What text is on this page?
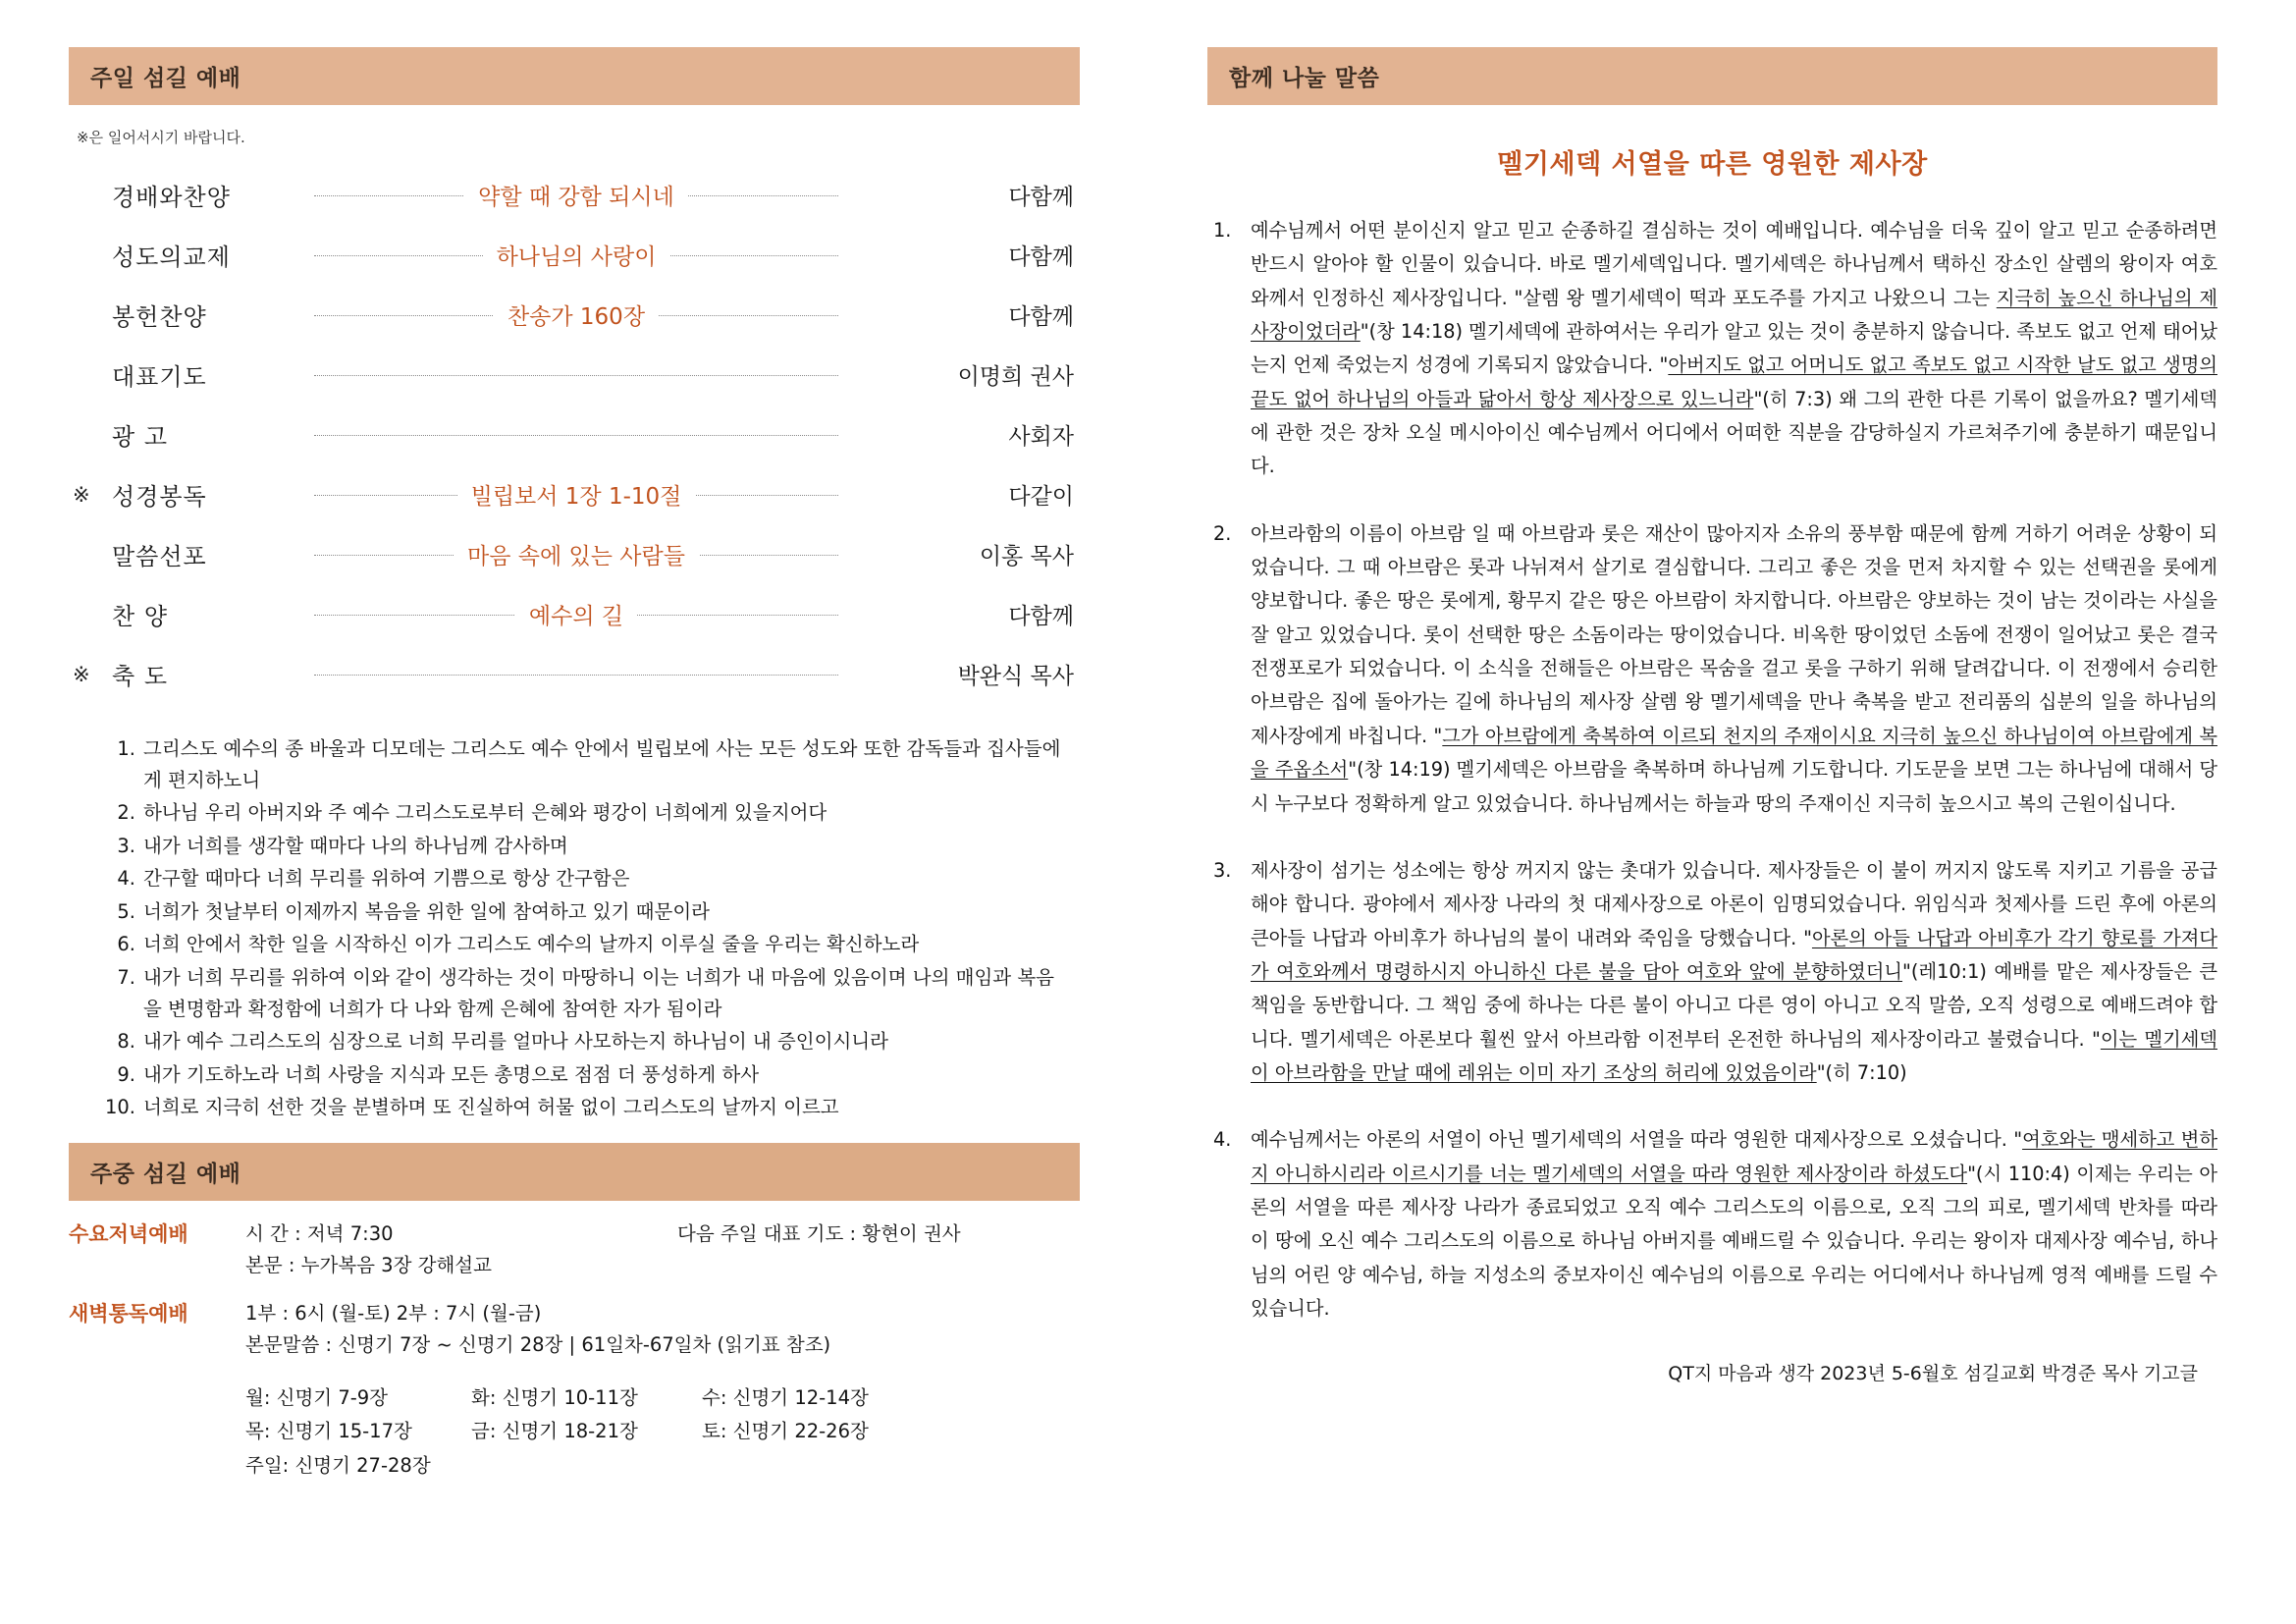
주일 섬길 예배
※은 일어서시기 바랍니다.
	경배와찬양	약할 때 강함 되시네	다함께
	성도의교제	하나님의 사랑이	다함께
	봉헌찬양	찬송가 160장	다함께
	대표기도		이명희 권사
	광 고		사회자
※	성경봉독	빌립보서 1장 1-10절	다같이
	말씀선포	마음 속에 있는 사람들	이홍 목사
	찬 양	예수의 길	다함께
※	축 도		박완식 목사
그리스도 예수의 종 바울과 디모데는 그리스도 예수 안에서 빌립보에 사는 모든 성도와 또한 감독들과 집사들에게 편지하노니
하나님 우리 아버지와 주 예수 그리스도로부터 은혜와 평강이 너희에게 있을지어다
내가 너희를 생각할 때마다 나의 하나님께 감사하며
간구할 때마다 너희 무리를 위하여 기쁨으로 항상 간구함은
너희가 첫날부터 이제까지 복음을 위한 일에 참여하고 있기 때문이라
너희 안에서 착한 일을 시작하신 이가 그리스도 예수의 날까지 이루실 줄을 우리는 확신하노라
내가 너희 무리를 위하여 이와 같이 생각하는 것이 마땅하니 이는 너희가 내 마음에 있음이며 나의 매임과 복음을 변명함과 확정함에 너희가 다 나와 함께 은혜에 참여한 자가 됨이라
내가 예수 그리스도의 심장으로 너희 무리를 얼마나 사모하는지 하나님이 내 증인이시니라
내가 기도하노라 너희 사랑을 지식과 모든 총명으로 점점 더 풍성하게 하사
너희로 지극히 선한 것을 분별하며 또 진실하여 허물 없이 그리스도의 날까지 이르고
주중 섬길 예배
수요저녁예배	시 간 : 저녁 7:30	다음 주일 대표 기도 : 황현이 권사
본문 : 누가복음 3장 강해설교
새벽통독예배	1부 : 6시 (월-토) 2부 : 7시 (월-금)
본문말씀 : 신명기 7장 ~ 신명기 28장 | 61일차-67일차 (읽기표 참조)
월: 신명기 7-9장	화: 신명기 10-11장	수: 신명기 12-14장
목: 신명기 15-17장	금: 신명기 18-21장	토: 신명기 22-26장
주일: 신명기 27-28장
함께 나눌 말씀
멜기세덱 서열을 따른 영원한 제사장
예수님께서 어떤 분이신지 알고 믿고 순종하길 결심하는 것이 예배입니다. 예수님을 더욱 깊이 알고 믿고 순종하려면 반드시 알아야 할 인물이 있습니다. 바로 멜기세덱입니다. 멜기세덱은 하나님께서 택하신 장소인 살렘의 왕이자 여호와께서 인정하신 제사장입니다. "살렘 왕 멜기세덱이 떡과 포도주를 가지고 나왔으니 그는 지극히 높으신 하나님의 제사장이었더라"(창 14:18) 멜기세덱에 관하여서는 우리가 알고 있는 것이 충분하지 않습니다. 족보도 없고 언제 태어났는지 언제 죽었는지 성경에 기록되지 않았습니다. "아버지도 없고 어머니도 없고 족보도 없고 시작한 날도 없고 생명의 끝도 없어 하나님의 아들과 닮아서 항상 제사장으로 있느니라"(히 7:3) 왜 그의 관한 다른 기록이 없을까요? 멜기세덱에 관한 것은 장차 오실 메시아이신 예수님께서 어디에서 어떠한 직분을 감당하실지 가르쳐주기에 충분하기 때문입니다.
아브라함의 이름이 아브람 일 때 아브람과 롯은 재산이 많아지자 소유의 풍부함 때문에 함께 거하기 어려운 상황이 되었습니다. 그 때 아브람은 롯과 나뉘져서 살기로 결심합니다. 그리고 좋은 것을 먼저 차지할 수 있는 선택권을 롯에게 양보합니다. 좋은 땅은 롯에게, 황무지 같은 땅은 아브람이 차지합니다. 아브람은 양보하는 것이 남는 것이라는 사실을 잘 알고 있었습니다. 롯이 선택한 땅은 소돔이라는 땅이었습니다. 비옥한 땅이었던 소돔에 전쟁이 일어났고 롯은 결국 전쟁포로가 되었습니다. 이 소식을 전해들은 아브람은 목숨을 걸고 롯을 구하기 위해 달려갑니다. 이 전쟁에서 승리한 아브람은 집에 돌아가는 길에 하나님의 제사장 살렘 왕 멜기세덱을 만나 축복을 받고 전리품의 십분의 일을 하나님의 제사장에게 바칩니다. "그가 아브람에게 축복하여 이르되 천지의 주재이시요 지극히 높으신 하나님이여 아브람에게 복을 주옵소서"(창 14:19) 멜기세덱은 아브람을 축복하며 하나님께 기도합니다. 기도문을 보면 그는 하나님에 대해서 당시 누구보다 정확하게 알고 있었습니다. 하나님께서는 하늘과 땅의 주재이신 지극히 높으시고 복의 근원이십니다.
제사장이 섬기는 성소에는 항상 꺼지지 않는 촛대가 있습니다. 제사장들은 이 불이 꺼지지 않도록 지키고 기름을 공급해야 합니다. 광야에서 제사장 나라의 첫 대제사장으로 아론이 임명되었습니다. 위임식과 첫제사를 드린 후에 아론의 큰아들 나답과 아비후가 하나님의 불이 내려와 죽임을 당했습니다. "아론의 아들 나답과 아비후가 각기 향로를 가져다가 여호와께서 명령하시지 아니하신 다른 불을 담아 여호와 앞에 분향하였더니"(레10:1) 예배를 맡은 제사장들은 큰 책임을 동반합니다. 그 책임 중에 하나는 다른 불이 아니고 다른 영이 아니고 오직 말씀, 오직 성령으로 예배드려야 합니다. 멜기세덱은 아론보다 훨씬 앞서 아브라함 이전부터 온전한 하나님의 제사장이라고 불렸습니다. "이는 멜기세덱이 아브라함을 만날 때에 레위는 이미 자기 조상의 허리에 있었음이라"(히 7:10)
예수님께서는 아론의 서열이 아닌 멜기세덱의 서열을 따라 영원한 대제사장으로 오셨습니다. "여호와는 맹세하고 변하지 아니하시리라 이르시기를 너는 멜기세덱의 서열을 따라 영원한 제사장이라 하셨도다"(시 110:4) 이제는 우리는 아론의 서열을 따른 제사장 나라가 종료되었고 오직 예수 그리스도의 이름으로, 오직 그의 피로, 멜기세덱 반차를 따라 이 땅에 오신 예수 그리스도의 이름으로 하나님 아버지를 예배드릴 수 있습니다. 우리는 왕이자 대제사장 예수님, 하나님의 어린 양 예수님, 하늘 지성소의 중보자이신 예수님의 이름으로 우리는 어디에서나 하나님께 영적 예배를 드릴 수 있습니다.
QT지 마음과 생각 2023년 5-6월호 섬길교회 박경준 목사 기고글
